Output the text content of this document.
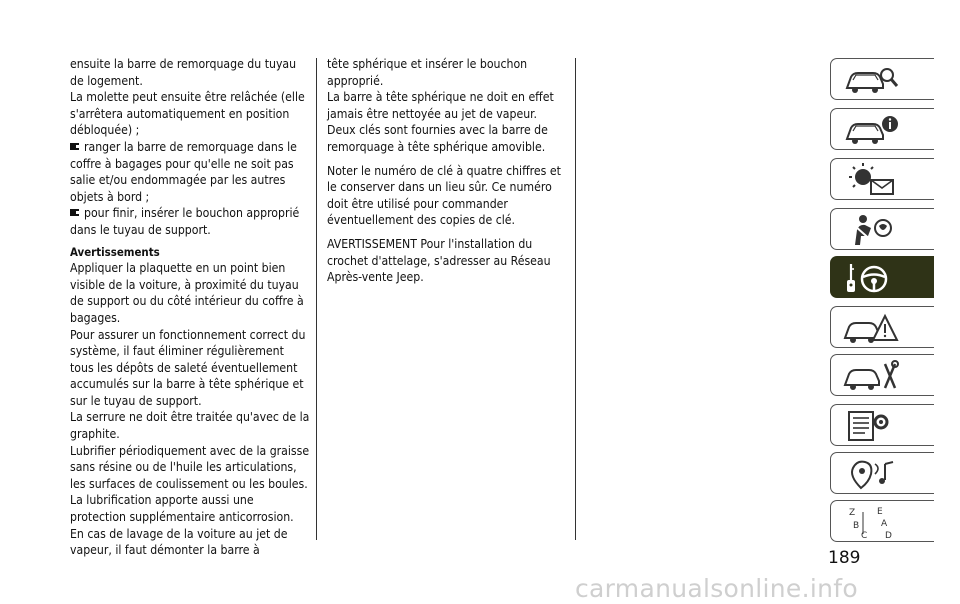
ensuite la barre de remorquage du tuyau de logement.

La molette peut ensuite être relâchée (elle s'arrêtera automatiquement en position débloquée) ;

ranger la barre de remorquage dans le coffre à bagages pour qu'elle ne soit pas salie et/ou endommagée par les autres objets à bord ;

pour finir, insérer le bouchon approprié dans le tuyau de support.

Avertissements

Appliquer la plaquette en un point bien visible de la voiture, à proximité du tuyau de support ou du côté intérieur du coffre à bagages.

Pour assurer un fonctionnement correct du système, il faut éliminer régulièrement tous les dépôts de saleté éventuellement accumulés sur la barre à tête sphérique et sur le tuyau de support.

La serrure ne doit être traitée qu'avec de la graphite.

Lubrifier périodiquement avec de la graisse sans résine ou de l'huile les articulations, les surfaces de coulissement ou les boules. La lubrification apporte aussi une protection supplémentaire anticorrosion.

En cas de lavage de la voiture au jet de vapeur, il faut démonter la barre à

tête sphérique et insérer le bouchon approprié.

La barre à tête sphérique ne doit en effet jamais être nettoyée au jet de vapeur.

Deux clés sont fournies avec la barre de remorquage à tête sphérique amovible.

Noter le numéro de clé à quatre chiffres et le conserver dans un lieu sûr. Ce numéro doit être utilisé pour commander éventuellement des copies de clé.

AVERTISSEMENT Pour l'installation du crochet d'attelage, s'adresser au Réseau Après-vente Jeep.

Z E
B A
C D
189
carmanualsonline.info
